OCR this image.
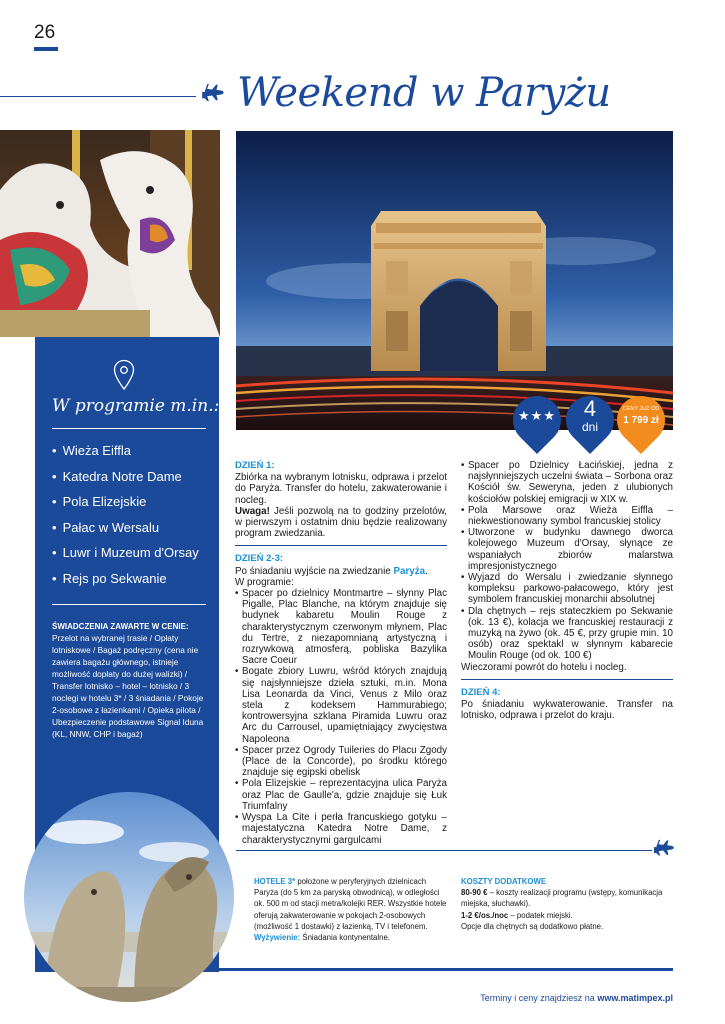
26
Weekend w Paryżu
W programie m.in.:
• Wieża Eiffla
• Katedra Notre Dame
• Pola Elizejskie
• Pałac w Wersalu
• Luwr i Muzeum d'Orsay
• Rejs po Sekwanie
ŚWIADCZENIA ZAWARTE W CENIE:
Przelot na wybranej trasie / Opłaty lotniskowe / Bagaż podręczny (cena nie zawiera bagażu głównego, istnieje możliwość dopłaty do dużej walizki) / Transfer lotnisko – hotel – lotnisko / 3 noclegi w hotelu 3* / 3 śniadania / Pokoje 2-osobowe z łazienkami / Opieka pilota / Ubezpieczenie podstawowe Signal Iduna (KL, NNW, CHP i bagaż)
★★★	4
dni
CENY JUŻ OD
1 799 zł
DZIEŃ 1:
Zbiórka na wybranym lotnisku, odprawa i przelot do Paryża. Transfer do hotelu, zakwaterowanie i nocleg.
Uwaga! Jeśli pozwolą na to godziny przelotów, w pierwszym i ostatnim dniu będzie realizowany program zwiedzania.
DZIEŃ 2-3:
Po śniadaniu wyjście na zwiedzanie Paryża.
W programie:
• Spacer po dzielnicy Montmartre – słynny Plac Pigalle, Plac Blanche, na którym znajduje się budynek kabaretu Moulin Rouge z charakterystycznym czerwonym młynem, Plac du Tertre, z niezapomnianą artystyczną i rozrywkową atmosferą, pobliska Bazylika Sacre Coeur
• Bogate zbiory Luwru, wśród których znajdują się najsłynniejsze dzieła sztuki, m.in. Mona Lisa Leonarda da Vinci, Venus z Milo oraz stela z kodeksem Hammurabiego; kontrowersyjna szklana Piramida Luwru oraz Arc du Carrousel, upamiętniający zwycięstwa Napoleona
• Spacer przez Ogrody Tuileries do Placu Zgody (Place de la Concorde), po środku którego znajduje się egipski obelisk
• Pola Elizejskie – reprezentacyjna ulica Paryża oraz Plac de Gaulle'a, gdzie znajduje się Łuk Triumfalny
• Wyspa La Cite i perła francuskiego gotyku – majestatyczna Katedra Notre Dame, z charakterystycznymi gargulcami
• Spacer po Dzielnicy Łacińskiej, jedna z najsłynniejszych uczelni świata – Sorbona oraz Kościół św. Seweryna, jeden z ulubionych kościołów polskiej emigracji w XIX w.
• Pola Marsowe oraz Wieża Eiffla – niekwestionowany symbol francuskiej stolicy
• Utworzone w budynku dawnego dworca kolejowego Muzeum d'Orsay, słynące ze wspaniałych zbiorów malarstwa impresjonistycznego
• Wyjazd do Wersalu i zwiedzanie słynnego kompleksu parkowo-pałacowego, który jest symbolem francuskiej monarchii absolutnej
• Dla chętnych – rejs stateczkiem po Sekwanie (ok. 13 €), kolacja we francuskiej restauracji z muzyką na żywo (ok. 45 €, przy grupie min. 10 osób) oraz spektakl w słynnym kabarecie Moulin Rouge (od ok. 100 €)
Wieczorami powrót do hotelu i nocleg.
DZIEŃ 4:
Po śniadaniu wykwaterowanie. Transfer na lotnisko, odprawa i przelot do kraju.
HOTELE 3* położone w peryferyjnych dzielnicach Paryża (do 5 km za paryską obwodnicą), w odległości ok. 500 m od stacji metra/kolejki RER. Wszystkie hotele oferują zakwaterowanie w pokojach 2-osobowych (możliwość 1 dostawki) z łazienką, TV i telefonem.
Wyżywienie: Śniadania kontynentalne.
KOSZTY DODATKOWE
80-90 € – koszty realizacji programu (wstępy, komunikacja miejska, słuchawki).
1-2 €/os./noc – podatek miejski.
Opcje dla chętnych są dodatkowo płatne.
Terminy i ceny znajdziesz na www.matimpex.pl
